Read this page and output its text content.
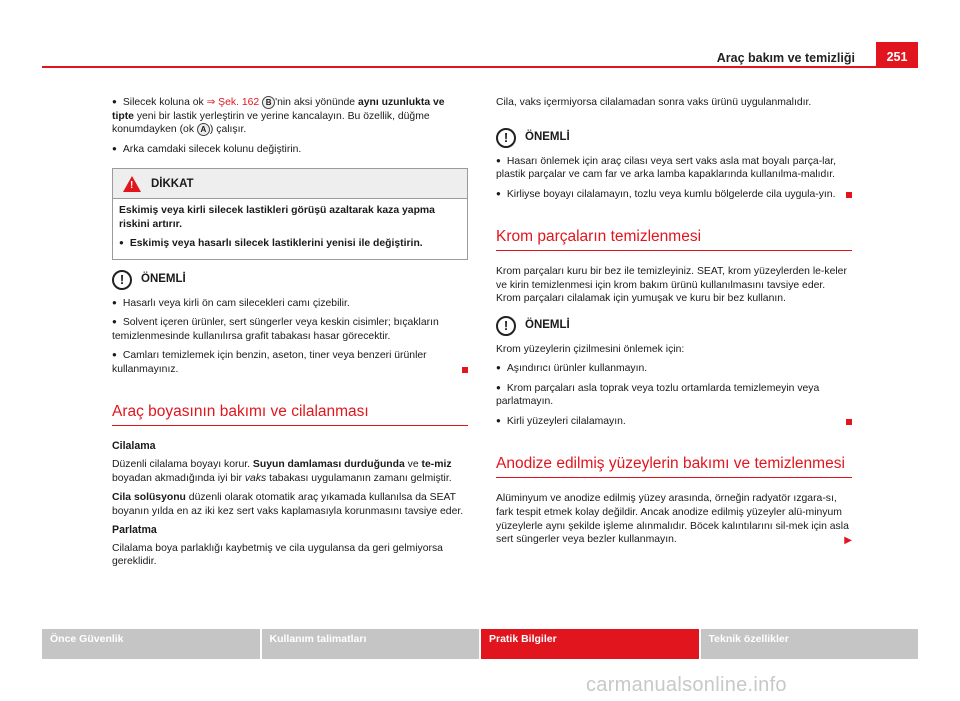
Araç bakım ve temizliği	251

● Silecek koluna ok ⇒ Şek. 162 B 'nin aksi yönünde aynı uzunlukta ve tipte yeni bir lastik yerleştirin ve yerine kancalayın. Bu özellik, düğme konumdayken (ok A ) çalışır.

● Arka camdaki silecek kolunu değiştirin.

! DİKKAT

Eskimiş veya kirli silecek lastikleri görüşü azaltarak kaza yapma riskini artırır.

● Eskimiş veya hasarlı silecek lastiklerini yenisi ile değiştirin.

!	ÖNEMLİ

● Hasarlı veya kirli ön cam silecekleri camı çizebilir.

● Solvent içeren ürünler, sert süngerler veya keskin cisimler; bıçakların temizlenmesinde kullanılırsa grafit tabakası hasar görecektir.

● Camları temizlemek için benzin, aseton, tiner veya benzeri ürünler kullanmayınız.

Araç boyasının bakımı ve cilalanması
Cilalama

Düzenli cilalama boyayı korur. Suyun damlaması durduğunda ve te-miz boyadan akmadığında iyi bir vaks tabakası uygulamanın zamanı gelmiştir.

Cila solüsyonu düzenli olarak otomatik araç yıkamada kullanılsa da SEAT boyanın yılda en az iki kez sert vaks kaplamasıyla korunmasını tavsiye eder.

Parlatma

Cilalama boya parlaklığı kaybetmiş ve cila uygulansa da geri gelmiyorsa gereklidir.

Cila, vaks içermiyorsa cilalamadan sonra vaks ürünü uygulanmalıdır.

!	ÖNEMLİ

● Hasarı önlemek için araç cilası veya sert vaks asla mat boyalı parça-lar, plastik parçalar ve cam far ve arka lamba kapaklarında kullanılma-malıdır.

● Kirliyse boyayı cilalamayın, tozlu veya kumlu bölgelerde cila uygula-yın.

Krom parçaların temizlenmesi

Krom parçaları kuru bir bez ile temizleyiniz. SEAT, krom yüzeylerden le-keler ve kirin temizlenmesi için krom bakım ürünü kullanılmasını tavsiye eder. Krom parçaları cilalamak için yumuşak ve kuru bir bez kullanın.

!	ÖNEMLİ

Krom yüzeylerin çizilmesini önlemek için:

● Aşındırıcı ürünler kullanmayın.

● Krom parçaları asla toprak veya tozlu ortamlarda temizlemeyin veya parlatmayın.

● Kirli yüzeyleri cilalamayın.

Anodize edilmiş yüzeylerin bakımı ve temizlenmesi

Alüminyum ve anodize edilmiş yüzey arasında, örneğin radyatör ızgara-sı, fark tespit etmek kolay değildir. Ancak anodize edilmiş yüzeyler alü-minyum yüzeylerle aynı şekilde işleme alınmalıdır. Böcek kalıntılarını sil-mek için asla sert süngerler veya bezler kullanmayın.	▶

Önce Güvenlik	Kullanım talimatları	Pratik Bilgiler	Teknik özellikler
carmanualsonline.info
